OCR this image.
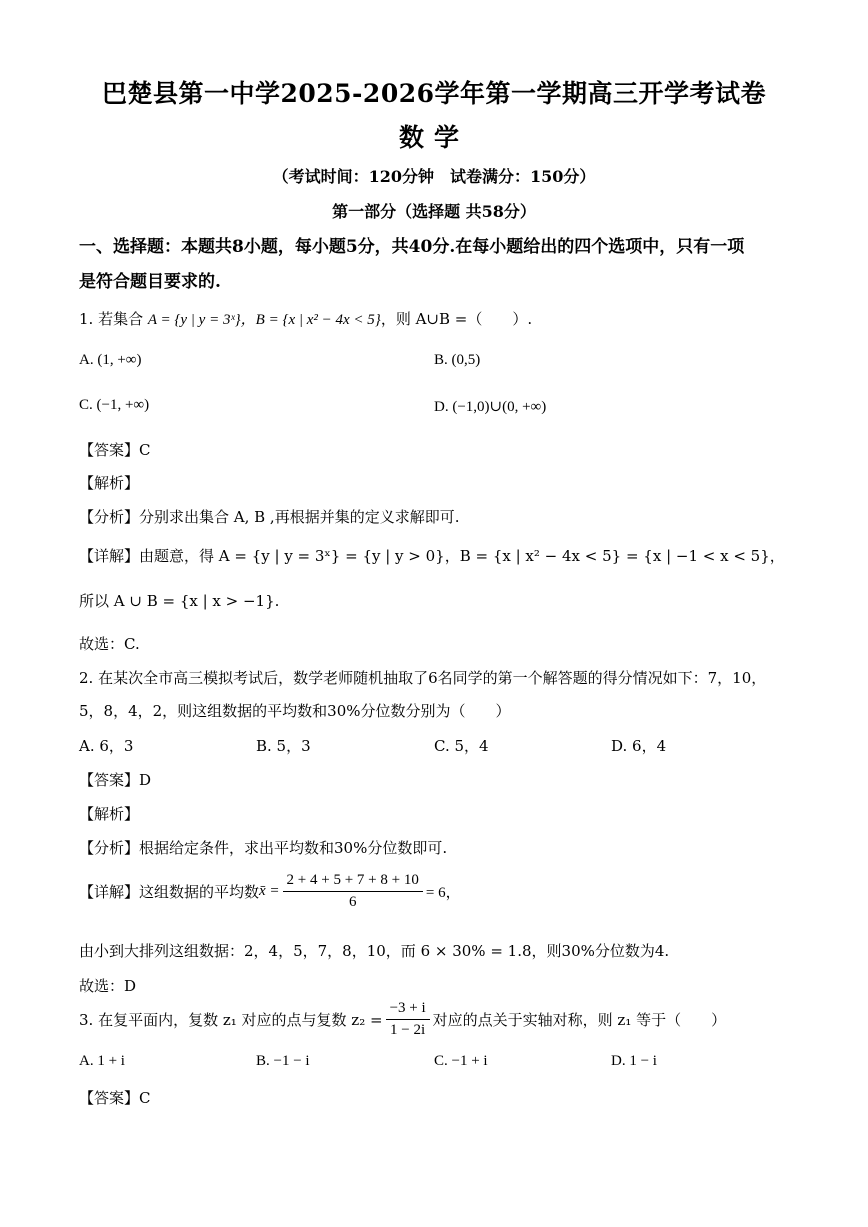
巴楚县第一中学2025-2026学年第一学期高三开学考试卷
数学
（考试时间：120分钟　试卷满分：150分）
第一部分（选择题 共58分）
一、选择题：本题共8小题，每小题5分，共40分.在每小题给出的四个选项中，只有一项
是符合题目要求的.
1. 若集合 A = {y | y = 3ˣ}，B = {x | x² − 4x < 5}，则 A∪B =（　　）.
A. (1, +∞)	B. (0,5)
C. (−1, +∞)	D. (−1,0)∪(0, +∞)
【答案】C
【解析】
【分析】分别求出集合 A, B ,再根据并集的定义求解即可.
【详解】由题意，得 A = {y | y = 3ˣ} = {y | y > 0}，B = {x | x² − 4x < 5} = {x | −1 < x < 5}，
所以 A ∪ B = {x | x > −1}.
故选：C.
2. 在某次全市高三模拟考试后，数学老师随机抽取了6名同学的第一个解答题的得分情况如下：7，10，
5，8，4，2，则这组数据的平均数和30%分位数分别为（　　）
A. 6，3	B. 5，3	C. 5，4	D. 6，4
【答案】D
【解析】
【分析】根据给定条件，求出平均数和30%分位数即可.
【详解】这组数据的平均数x̄ = $\frac{2 + 4 + 5 + 7 + 8 + 10}{6} = 6$，
由小到大排列这组数据：2，4，5，7，8，10，而 6 × 30% = 1.8，则30%分位数为4.
故选：D
3. 在复平面内，复数 z₁ 对应的点与复数 $z_2 = \frac{-3 + i}{1 - 2i}$ 对应的点关于实轴对称，则 z₁ 等于（　　）
A. 1 + i	B. −1 − i	C. −1 + i	D. 1 − i
【答案】C
